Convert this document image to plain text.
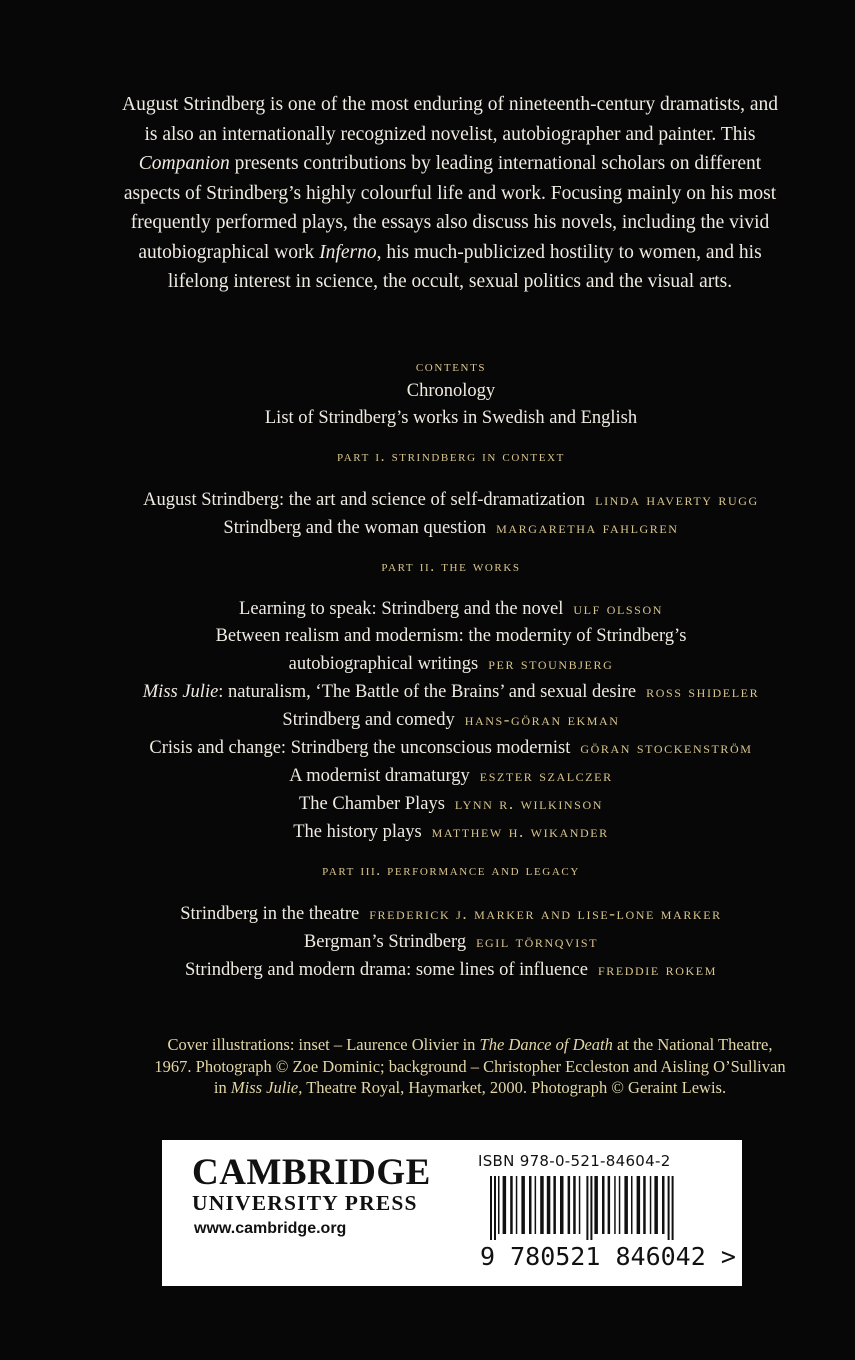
August Strindberg is one of the most enduring of nineteenth-century dramatists, and is also an internationally recognized novelist, autobiographer and painter. This Companion presents contributions by leading international scholars on different aspects of Strindberg’s highly colourful life and work. Focusing mainly on his most frequently performed plays, the essays also discuss his novels, including the vivid autobiographical work Inferno, his much-publicized hostility to women, and his lifelong interest in science, the occult, sexual politics and the visual arts.

contents

Chronology

List of Strindberg’s works in Swedish and English

part i. strindberg in context

August Strindberg: the art and science of self-dramatization linda haverty rugg

Strindberg and the woman question margaretha fahlgren

part ii. the works

Learning to speak: Strindberg and the novel ulf olsson

Between realism and modernism: the modernity of Strindberg’s

autobiographical writings per stounbjerg

Miss Julie: naturalism, ‘The Battle of the Brains’ and sexual desire ross shideler

Strindberg and comedy hans-göran ekman

Crisis and change: Strindberg the unconscious modernist göran stockenström

A modernist dramaturgy eszter szalczer

The Chamber Plays lynn r. wilkinson

The history plays matthew h. wikander

part iii. performance and legacy

Strindberg in the theatre frederick j. marker and lise-lone marker

Bergman’s Strindberg egil törnqvist

Strindberg and modern drama: some lines of influence freddie rokem

Cover illustrations: inset – Laurence Olivier in The Dance of Death at the National Theatre, 1967. Photograph © Zoe Dominic; background – Christopher Eccleston and Aisling O’Sullivan in Miss Julie, Theatre Royal, Haymarket, 2000. Photograph © Geraint Lewis.

CAMBRIDGE

UNIVERSITY PRESS

www.cambridge.org

ISBN 978-0-521-84604-2
9 780521 846042 >
